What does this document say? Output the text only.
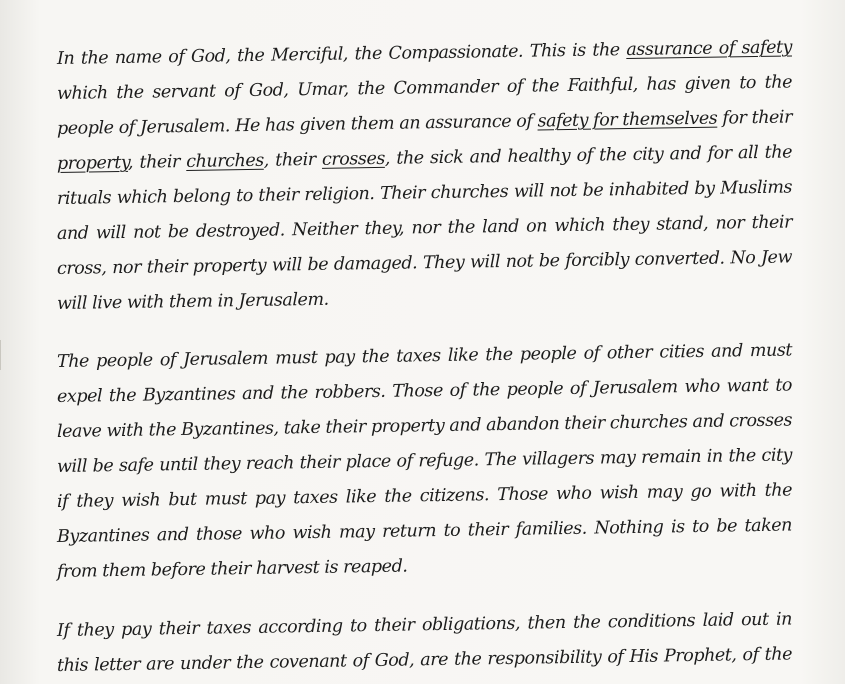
In the name of God, the Merciful, the Compassionate. This is the assurance of safety
which the servant of God, Umar, the Commander of the Faithful, has given to the
people of Jerusalem. He has given them an assurance of safety for themselves for their
property, their churches, their crosses, the sick and healthy of the city and for all the
rituals which belong to their religion. Their churches will not be inhabited by Muslims
and will not be destroyed. Neither they, nor the land on which they stand, nor their
cross, nor their property will be damaged. They will not be forcibly converted. No Jew
will live with them in Jerusalem.
The people of Jerusalem must pay the taxes like the people of other cities and must
expel the Byzantines and the robbers. Those of the people of Jerusalem who want to
leave with the Byzantines, take their property and abandon their churches and crosses
will be safe until they reach their place of refuge. The villagers may remain in the city
if they wish but must pay taxes like the citizens. Those who wish may go with the
Byzantines and those who wish may return to their families. Nothing is to be taken
from them before their harvest is reaped.
If they pay their taxes according to their obligations, then the conditions laid out in
this letter are under the covenant of God, are the responsibility of His Prophet, of the
